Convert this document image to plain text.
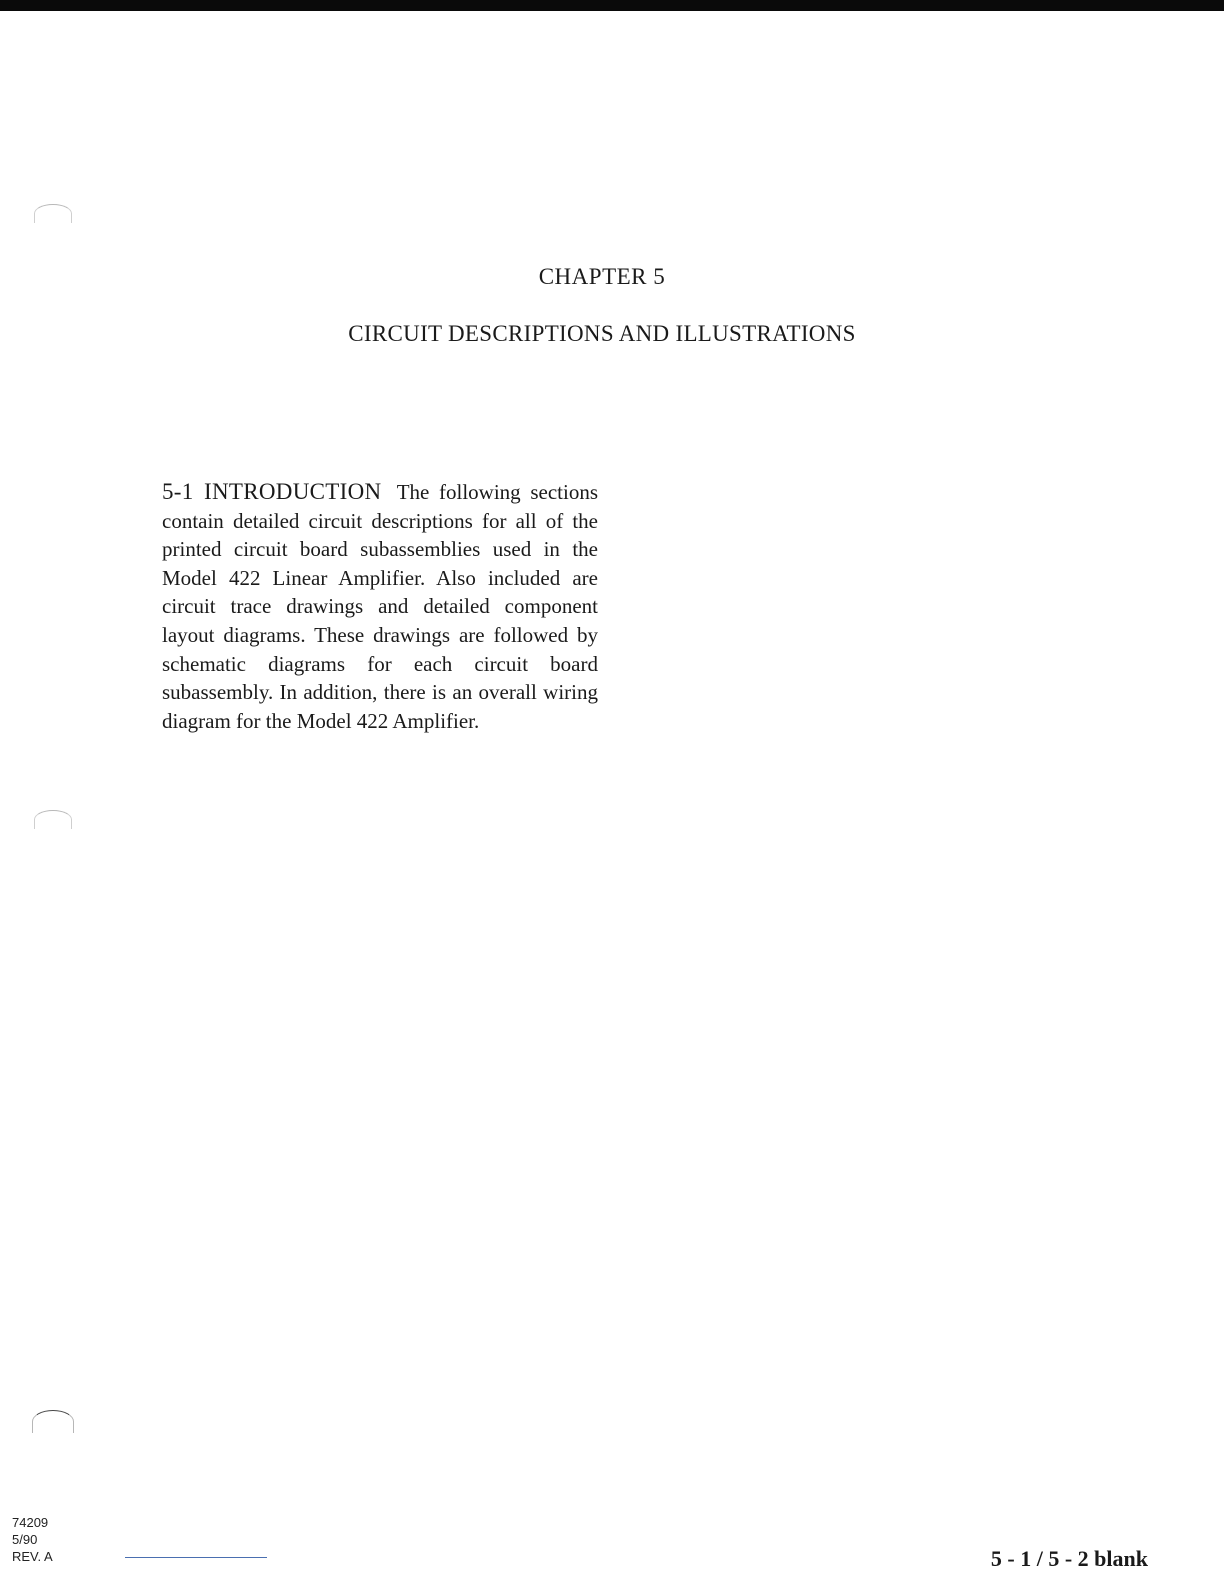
CHAPTER 5
CIRCUIT DESCRIPTIONS AND ILLUSTRATIONS
5-1 INTRODUCTION The following sections contain detailed circuit descriptions for all of the printed circuit board subassemblies used in the Model 422 Linear Amplifier. Also included are circuit trace drawings and detailed component layout diagrams. These drawings are followed by schematic diagrams for each circuit board subassembly. In addition, there is an overall wiring diagram for the Model 422 Amplifier.
74209
5/90
REV. A	5 - 1 / 5 - 2 blank
